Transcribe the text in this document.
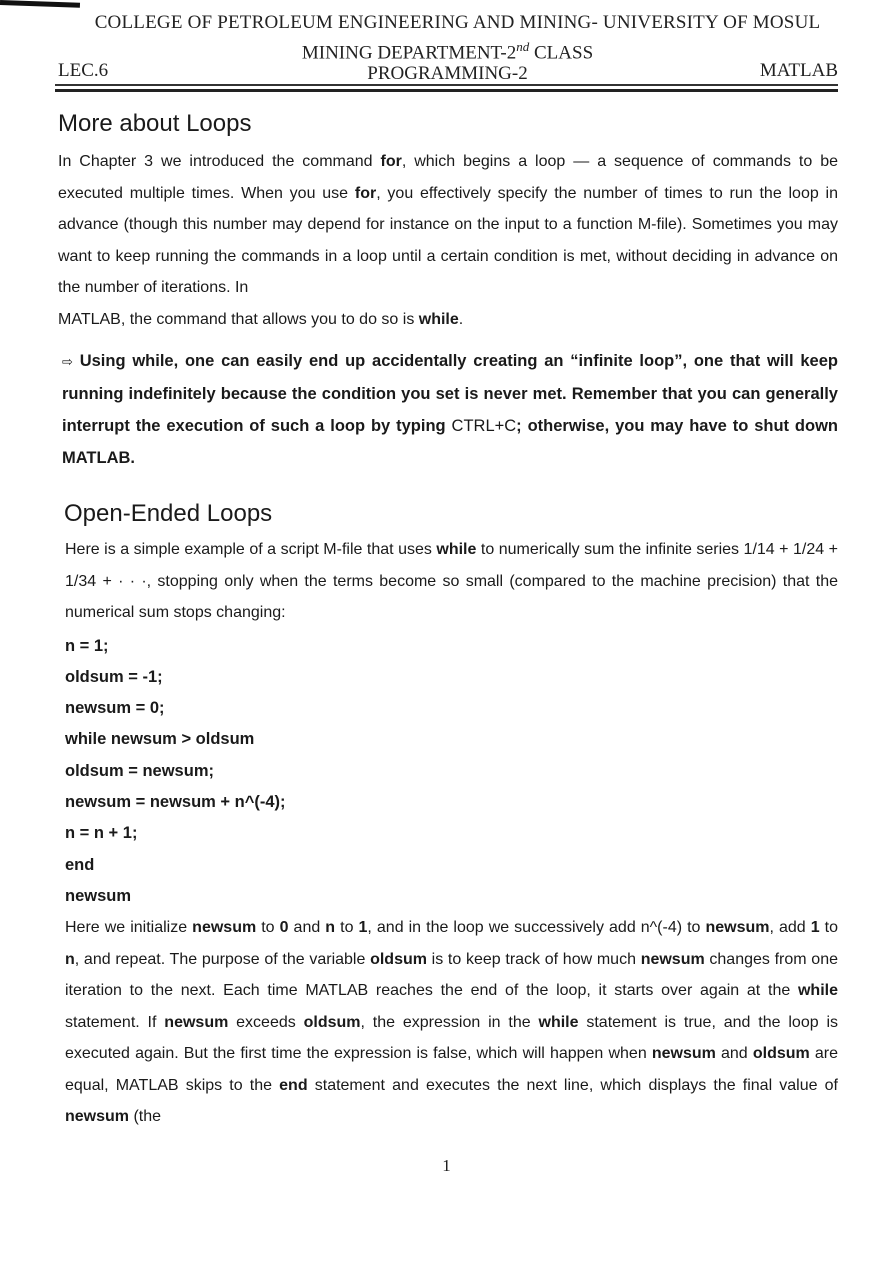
COLLEGE OF PETROLEUM ENGINEERING AND MINING- UNIVERSITY OF MOSUL
MINING DEPARTMENT-2nd CLASS
PROGRAMMING-2
LEC.6	MATLAB
More about Loops

In Chapter 3 we introduced the command for, which begins a loop — a sequence of commands to be executed multiple times. When you use for, you effectively specify the number of times to run the loop in advance (though this number may depend for instance on the input to a function M-file). Sometimes you may want to keep running the commands in a loop until a certain condition is met, without deciding in advance on the number of iterations. In
MATLAB, the command that allows you to do so is while.

⇨ Using while, one can easily end up accidentally creating an “infinite loop”, one that will keep running indefinitely because the condition you set is never met. Remember that you can generally interrupt the execution of such a loop by typing CTRL+C; otherwise, you may have to shut down MATLAB.

Open-Ended Loops

Here is a simple example of a script M-file that uses while to numerically sum the infinite series 1/14 + 1/24 + 1/34 + · · ·, stopping only when the terms become so small (compared to the machine precision) that the numerical sum stops changing:

n = 1;
oldsum = -1;
newsum = 0;
while newsum > oldsum
oldsum = newsum;
newsum = newsum + n^(-4);
n = n + 1;
end
newsum

Here we initialize newsum to 0 and n to 1, and in the loop we successively add n^(-4) to newsum, add 1 to n, and repeat. The purpose of the variable oldsum is to keep track of how much newsum changes from one iteration to the next. Each time MATLAB reaches the end of the loop, it starts over again at the while statement. If newsum exceeds oldsum, the expression in the while statement is true, and the loop is executed again. But the first time the expression is false, which will happen when newsum and oldsum are equal, MATLAB skips to the end statement and executes the next line, which displays the final value of newsum (the

1
